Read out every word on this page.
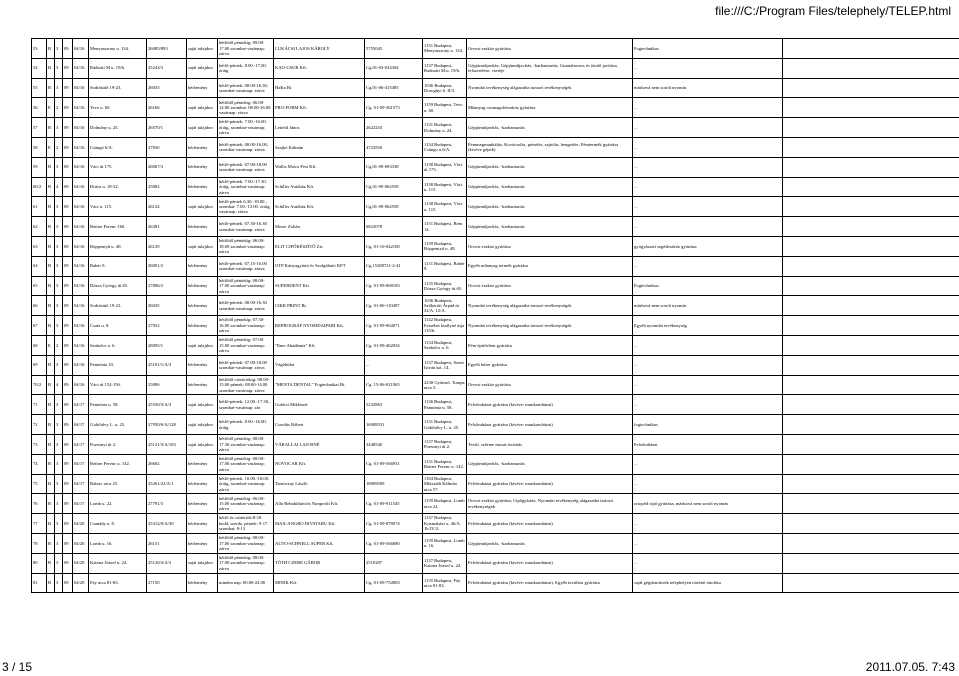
file:///C:/Program Files/telephely/TELEP.html
53	B	3	09	04/16	Menyasszony u. 134.	26085/893	saját tulajdon	hétfőtől péntekig: 09.00-17.00 szombat-vasárnap: zárva	LUKÁCSI LAJOS KÁROLY	5755045	1151 Budapest, Menyasszony u. 134.	Orvosi eszköz gyártása	Fogtechnikus	
54	B	3	09	04/16	Rádiotti M u. 19/b.	25243/3	saját tulajdon	hétfő-péntek: 8.00.-17.00. óráig	KAO-CSUR Kft.	Cg.01-03-024304	1137 Budapest, Radnotti M.u. 19/b.	Gépjárműjavítás; Gépjárműjavítás, -karbantartás; Gumiabroncs és tömlő javítása, felszerelése, cseréje	...	
55	B	3	09	04/16	Sodrásütő 19-23.	26035	bérlemény	hétfő-péntek: 08.00-16.30, szombat-vasárnap: zárva	HaKa Bt.	Cg.01-06-415485	1036 Budapest, Doroghyi 6. II/3.	Nyomdai tevékenység alágazatba tartozó tevékenységek	máshová nem sorolt nyomás	
56	E	2	09	04/16	Tevo u. 60.	26166	saját tulajdon	hétfőtől péntekig: 06.00-14.00 szombat: 08.00-16.00 vasárnap: zárva	PRO-FORM Kft.	Cg. 01-09-361573	1159 Budapest, Tevo u. 60.	Műanyag csomagolóeszköz gyártása	...	
57	B	3	09	04/16	Dolmány u. 25.	26570/1	saját tulajdon	hétfő-péntek: 7.00.-16.00. óráig, szombat-vasárnap: zárva	Leiteld János	2622233	1131 Budapest, Dolmány u. 24.	Gépjárműjavítás, -karbantartás	...	
58	E	2	09	04/16	Csángó 6/A.	27830	bérlemény	hétfő-péntek: 08.00-16.00, szombat-vasárnap: zárva.	Szajkó Kálmán	4723550	1134 Budapest, Csángo u.6/A.	Fémmegmunkálás; Kovácsolás, préselés, sajtolás, hengerlés; Fémtermék gyártása (kivéve gépek)	...	
59	B	3	09	04/16	Váci út 175.	26067/3	bérlemény	hétfő-péntek: 07.00-18.00 szombat-vasárnap: zárva	Wallis Motor Pest Kft.	Cg.01-09-693338	1138 Budapest, Váci út 175.	Gépjárműjavítás, -karbantartás	...	
60/2	B	4	09	04/16	Dráva u. 18-22.	25002	bérlemény	hétfő-péntek: 7.00.-17.30. óráig, szombat-vasárnap: zárva	Schiller Autóház Kft.	Cg.01-09-062558	1138 Budapest, Váci u. 115.	Gépjárműjavítás, -karbantartás	...	
61	B	3	09	04/16	Váci u. 115.	26124	saját tulajdon	hétfő-péntek 6.30.-18.00., szombat: 7.00.-13.00. óráig, vasárnap: zárva	Schiller Autóház Kft.	Cg.01-09-062558	1138 Budapest, Váci u. 115.	Gépjárműjavítás, -karbantartás	...	
62	B	3	09	04/16	Reitter Ferenc 160.	26381	bérlemény	hétfő-péntek: 07.30-16.30 szombat-vasárnap: zárva	Moser Zoltán	6823078	1151 Budapest, Bem 14.	Gépjárműjavítás, -karbantartás	...	
63	B	3	09	04/16	Röppentyű u. 48.	26129	saját tulajdon	hétfőtől péntekig: 06.00-18.00 szombat-vasárnap: zárva	ELIT CIPŐKÉSZÍTŐ Zrt.	Cg. 01-10-042100	1139 Budapest, Röppentyű u. 48.	Orvosi eszköz gyártása	gyógyászati segédeszköz gyártása	
64	B	3	09	04/16	Babér 9.	26091/2	bérlemény	hétfő-péntek: 07.15-16.00 szombat-vasárnap: zárva	OTP Kártyagyártó és Szolgáltató KFT	Cg.15280721-2-41	1131 Budapest, Babér 9.	Egyéb műanyag termék gyártása	...	
65	B	3	09	04/16	Dózsa György út 65.	27806/2	bérlemény	hétfőtől péntekig: 08.00-17.00 szombat-vasárnap: zárva	SUPERDENT Kft.	Cg. 01-09-068183	1135 Budapest, Dózsa György út 65.	Orvosi eszköz gyártása	Fogtechnikus	
66	B	3	09	04/16	Sodrásütő 19-23.	26035	bérlemény	hétfő-péntek: 08.00-16.30 szombat-vasárnap: zárva	CIKR PRINT Bt.	Cg. 01-06-110497	1036 Budapest, Szőkeróti Árpád út 32/A. 12/A.	Nyomdai tevékenység alágazatba tartozó tevékenységek	máshová nem sorolt nyomás	
67	B	3	09	04/16	Csata u. 8.	27952	bérlemény	hétfőtől péntekig: 07.30-16.00 szombat-vasárnap: zárva	REPROGRÁF NYOMDAIPARI Kft.	Cg. 01-09-064071	1142 Budapest, Erzsébet királyné útja 115/b.	Nyomdai tevékenység alágazatba tartozó tevékenységek	Egyéb nyomdai tevékenység	
68	E	2	09	04/16	Szabolcs u. 6.	28095/1	saját tulajdon	hétfőtől péntekig: 07.00-15.00 szombat-vasárnap: zárva	"Ilms-Akadémia" Kft.	Cg. 01-09-462034	1134 Budapest, Szabolcs u. 6.	Fém építőelem gyártása	...	
69	B	3	09	04/16	Pannónia 10.	25101/1/A/3	bérlemény	hétfő-péntek: 07.00-18.00 szombat-vasárnap: zárva	Vágóhídar	...	1137 Budapest, Szent István krt. 14.	Egyéb bútor gyártása	...	
70/2	B	4	09	04/16	Váci út 152-156.	25896	bérlemény	hétfőtől csütörtökig: 08.00-15.00 péntek: 08.00-14.00 szombat-vasárnap: zárva	"MENTA DENTAL" Fogtechnikai Bt.	Cg. 15-06-021065	2230 Gyömrő, Tompa utca 3.	Orvosi eszköz gyártása	...	
71	B	3	09	04/17	Pannónia u. 58.	25550/3/A/3	saját tulajdon	hétfő-péntek: 12.00.-17.30., szombat-vasárnap: zár	Gulácsi Miklósné	5232863	1136 Budapest, Pannónia u. 58.	Felsőruházat gyártása (kivéve: munkaruházat)	...	
72	B	3	09	04/17	Gidófalvy L. u. 25.	27950/6/A/128	saját tulajdon	hétfő-péntek: 8.00.-16.00. óráig	Csordás Róbert	16008531	1131 Budapest, Gidófalvy L. u. 25.	Felsőruházat gyártása (kivéve: munkaruházat)	fogtechnikus	
73	B	3	09	04/17	Pozsonyi út 2.	25121/3/A/183	saját tulajdon	hétfőtől péntekig: 08.00-17.30 szombat-vasárnap: zárva	VÁRALLAI LAJOSNÉ	3448540	1137 Budapest, Pozsonyi út 2.	Textil, szőrme mosás tisztítás	Felsőruházat	
74	B	3	09	04/17	Reitter Ferenc u. 142.	26602	bérlemény	hétfőtől péntekig: 08.00-17.00 szombat-vasárnap: zárva	NOVOCAR Kft.	Cg. 01-09-566931	1131 Budapest, Reitter Ferenc u. 142.	Gépjárműjavítás, -karbantartás	...	
75	B	3	09	04/17	Balzac utca 25.	25261/22/A/1	bérlemény	hétfő-péntek: 10.00.-18.00. óráig, szombat-vasárnap: zárva	Tarnóczay László	18009509	1184 Budapest, Mikszáth Kálmán utca 57.	Felsőruházat gyártása (kivéve: munkaruházat)	...	
76	B	3	09	04/17	Lomb u. 22.	27791/3	bérlemény	hétfőtől péntekig: 06.00-15.00 szombat-vasárnap: zárva	Alfa Rehabilitációs Nonprofit Kft.	Cg. 01-09-911545	1139 Budapest, Lomb utca 22.	Orvosi eszköz gyártása; Cipőgyártás; Nyomdai tevékenység alágazatba tartozó tevékenységek	ortopéd cipő gyártása, máshová nem sorolt nyomás	
77	B	3	09	04/20	Csanády u. 8.	25312/0/A/30	bérlemény	hétfő és csütörtök:8-18 kedd, szerda, péntek: 9-17 szombat: 8-13	MAX-ANGRO DIVATARU Kft.	Cg. 01-09-878074	1137 Budapest, Kozmaházi u. 46/A. 1b.IV/2.	Felsőruházat gyártása (kivéve: munkaruházat)	...	
78	B	3	09	04/20	Lomb u. 16.	26151	bérlemény	hétfőtől péntekig: 08.00-17.00 szombat-vasárnap: zárva	AUTO-SCHNELL SUPER Kft.	Cg. 01-09-566080	1139 Budapest, Lomb u. 16.	Gépjárműjavítás, -karbantartás	...	
80	B	3	09	04/20	Katona József u. 24.	25120/4/A/3	saját tulajdon	hétfőtől péntekig: 08.00-17.00 szombat-vasárnap: zárva	TÓTH CZERE GÁBOR	2510287	1137 Budapest, Katona József u. 24.	Felsőruházat gyártása (kivéve: munkaruházat)	...	
81	B	3	09	04/20	Fáy utca 81-83.	27150	bérlemény	minden nap: 00.00-24.00	MINIK Kft.	Cg. 01-09-754903	1135 Budapest, Fáy utca 81-83.	Felsőruházat gyártása (kivéve: munkaruházat), Egyéb textiláru gyártása	saját gépjárműveik telephelyen történő tárolása	
3 / 15	2011.07.05. 7:43
